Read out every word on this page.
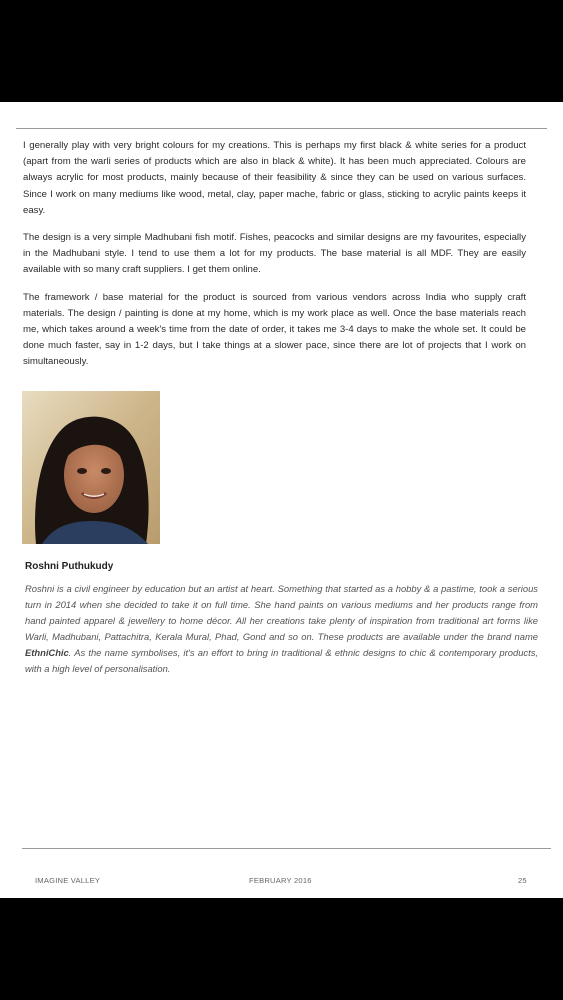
I generally play with very bright colours for my creations. This is perhaps my first black & white series for a product (apart from the warli series of products which are also in black & white). It has been much appreciated. Colours are always acrylic for most products, mainly because of their feasibility & since they can be used on various surfaces. Since I work on many mediums like wood, metal, clay, paper mache, fabric or glass, sticking to acrylic paints keeps it easy.

The design is a very simple Madhubani fish motif. Fishes, peacocks and similar designs are my favourites, especially in the Madhubani style. I tend to use them a lot for my products. The base material is all MDF. They are easily available with so many craft suppliers. I get them online.

The framework / base material for the product is sourced from various vendors across India who supply craft materials. The design / painting is done at my home, which is my work place as well. Once the base materials reach me, which takes around a week's time from the date of order, it takes me 3-4 days to make the whole set. It could be done much faster, say in 1-2 days, but I take things at a slower pace, since there are lot of projects that I work on simultaneously.

Roshni Puthukudy
Roshni is a civil engineer by education but an artist at heart. Something that started as a hobby & a pastime, took a serious turn in 2014 when she decided to take it on full time. She hand paints on various mediums and her products range from hand painted apparel & jewellery to home décor. All her creations take plenty of inspiration from traditional art forms like Warli, Madhubani, Pattachitra, Kerala Mural, Phad, Gond and so on. These products are available under the brand name EthniChic. As the name symbolises, it's an effort to bring in traditional & ethnic designs to chic & contemporary products, with a high level of personalisation.
IMAGINE VALLEY	FEBRUARY 2016	25
